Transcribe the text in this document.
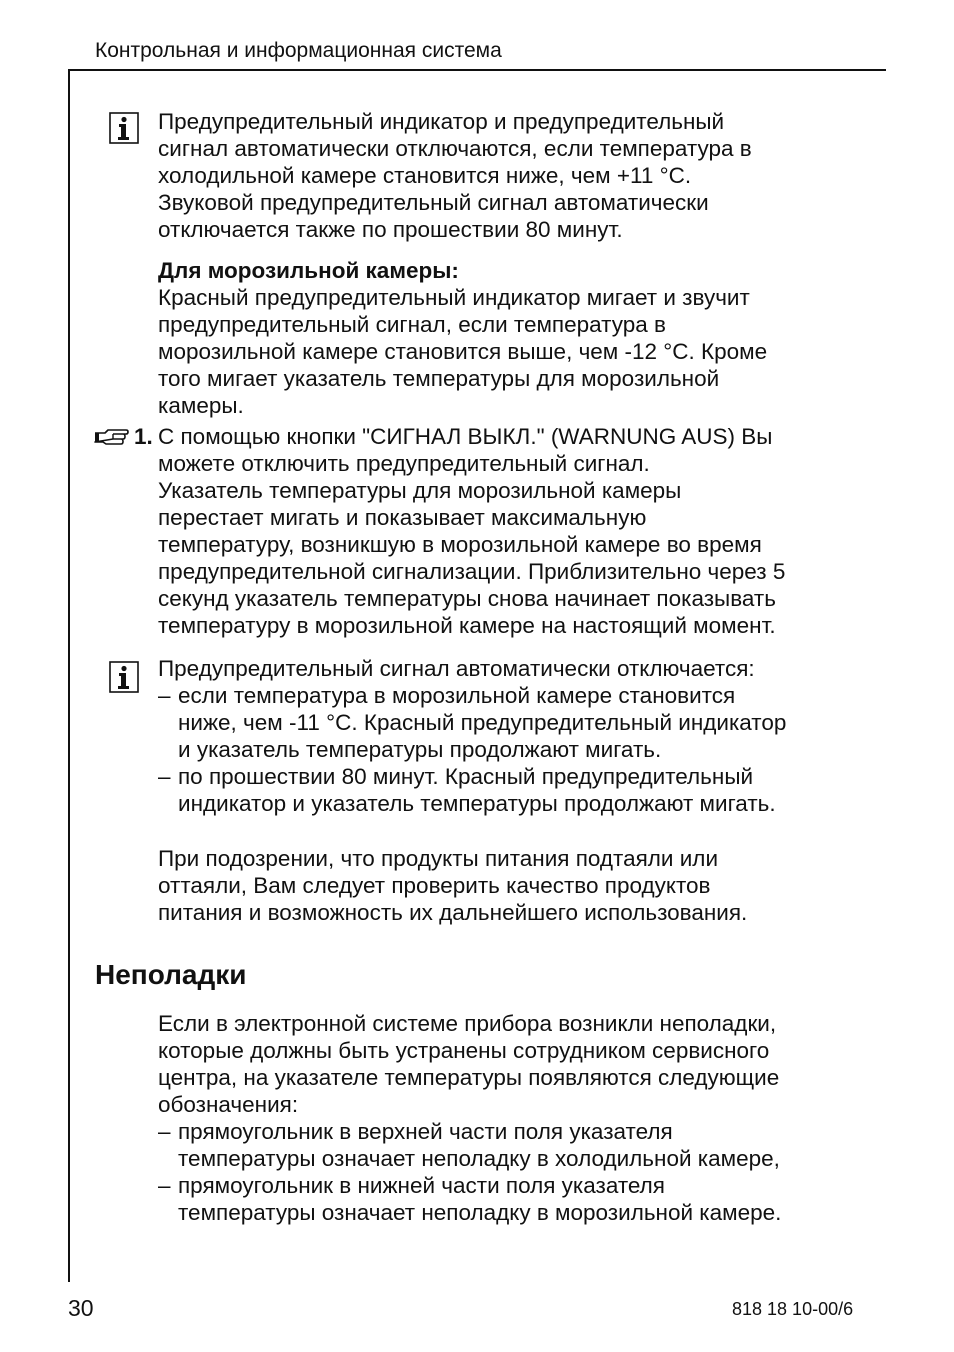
Контрольная и информационная система
Предупредительный индикатор и предупредительный
сигнал автоматически отключаются, если температура в
холодильной камере становится ниже, чем +11 °C.
Звуковой предупредительный сигнал автоматически
отключается также по прошествии 80 минут.
Для морозильной камеры:
Красный предупредительный индикатор мигает и звучит
предупредительный сигнал, если температура в
морозильной камере становится выше, чем -12 °C. Кроме
того мигает указатель температуры для морозильной
камеры.
1. С помощью кнопки "СИГНАЛ ВЫКЛ." (WARNUNG AUS) Вы
можете отключить предупредительный сигнал.
Указатель температуры для морозильной камеры
перестает мигать и показывает максимальную
температуру, возникшую в морозильной камере во время
предупредительной сигнализации. Приблизительно через 5
секунд указатель температуры снова начинает показывать
температуру в морозильной камере на настоящий момент.
Предупредительный сигнал автоматически отключается:
– если температура в морозильной камере становится
ниже, чем -11 °C. Красный предупредительный индикатор
и указатель температуры продолжают мигать.
– по прошествии 80 минут. Красный предупредительный
индикатор и указатель температуры продолжают мигать.
При подозрении, что продукты питания подтаяли или
оттаяли, Вам следует проверить качество продуктов
питания и возможность их дальнейшего использования.
Неполадки
Если в электронной системе прибора возникли неполадки,
которые должны быть устранены сотрудником сервисного
центра, на указателе температуры появляются следующие
обозначения:
– прямоугольник в верхней части поля указателя
температуры означает неполадку в холодильной камере,
– прямоугольник в нижней части поля указателя
температуры означает неполадку в морозильной камере.
30	818 18 10-00/6
